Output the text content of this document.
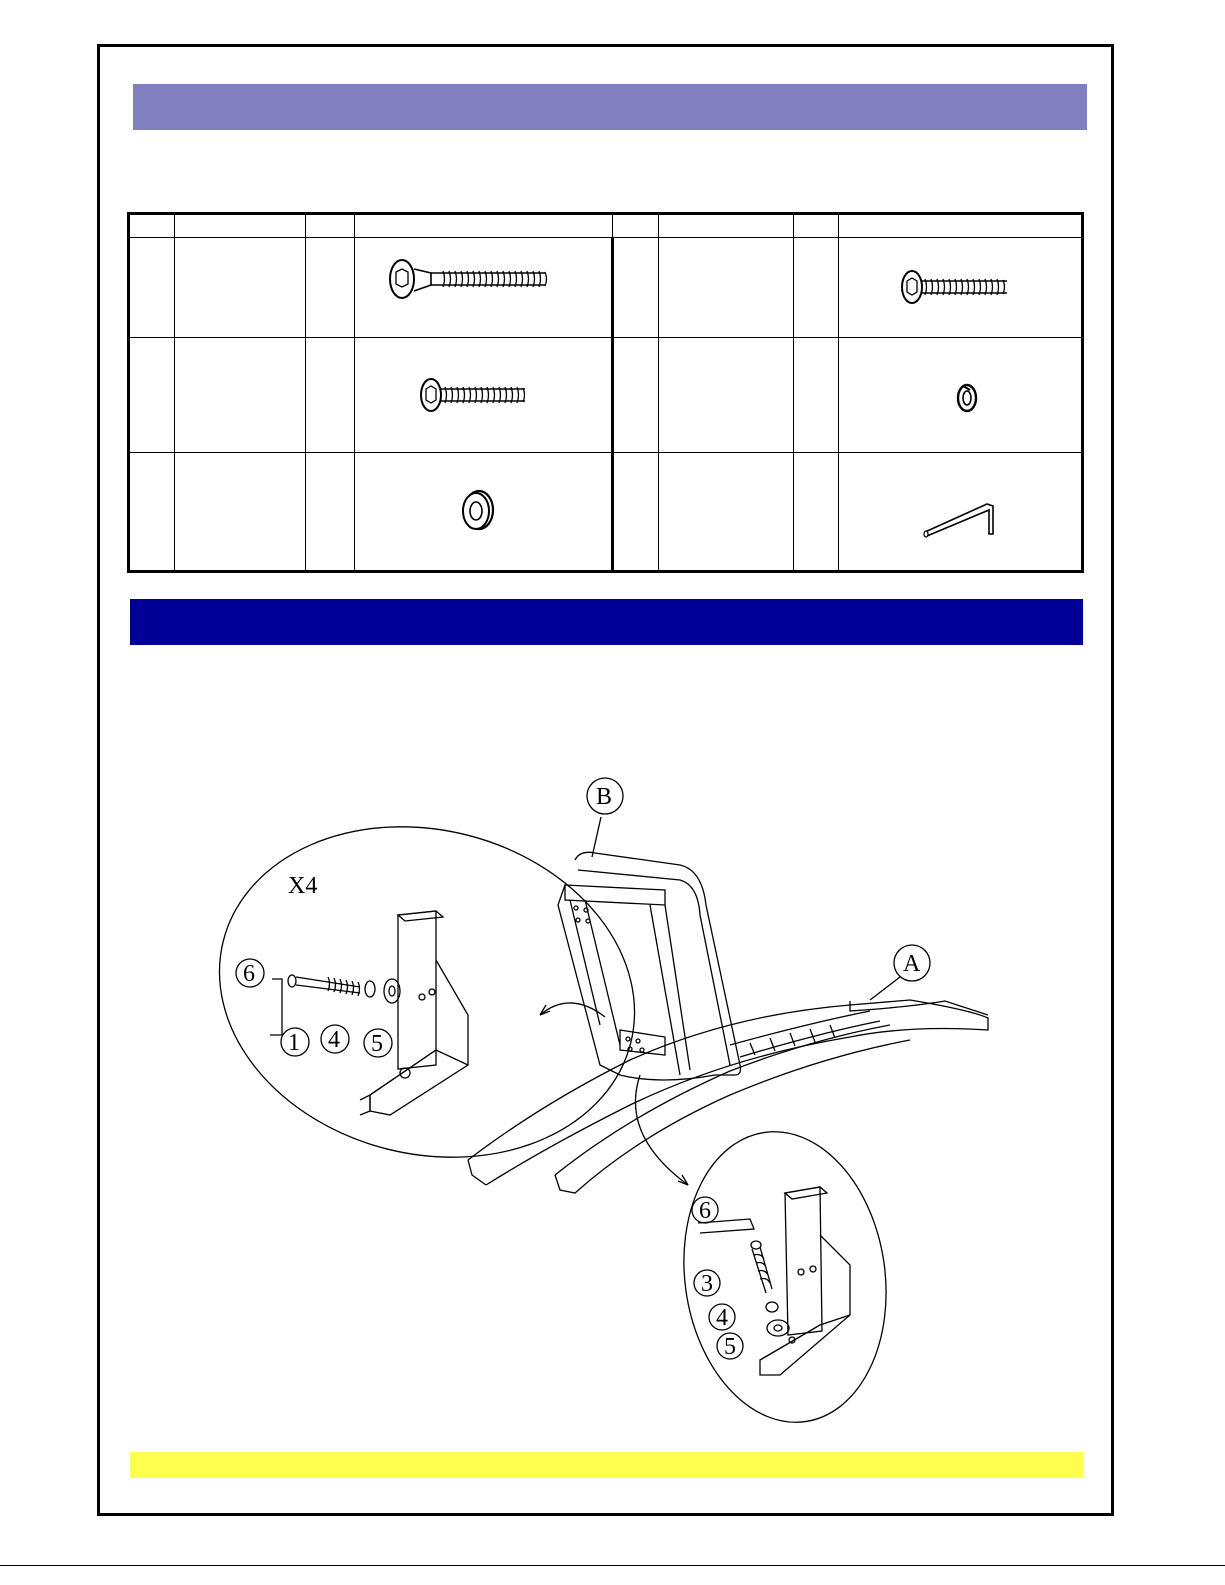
B
A
X4
6
1 4 5
6
3
4
5
